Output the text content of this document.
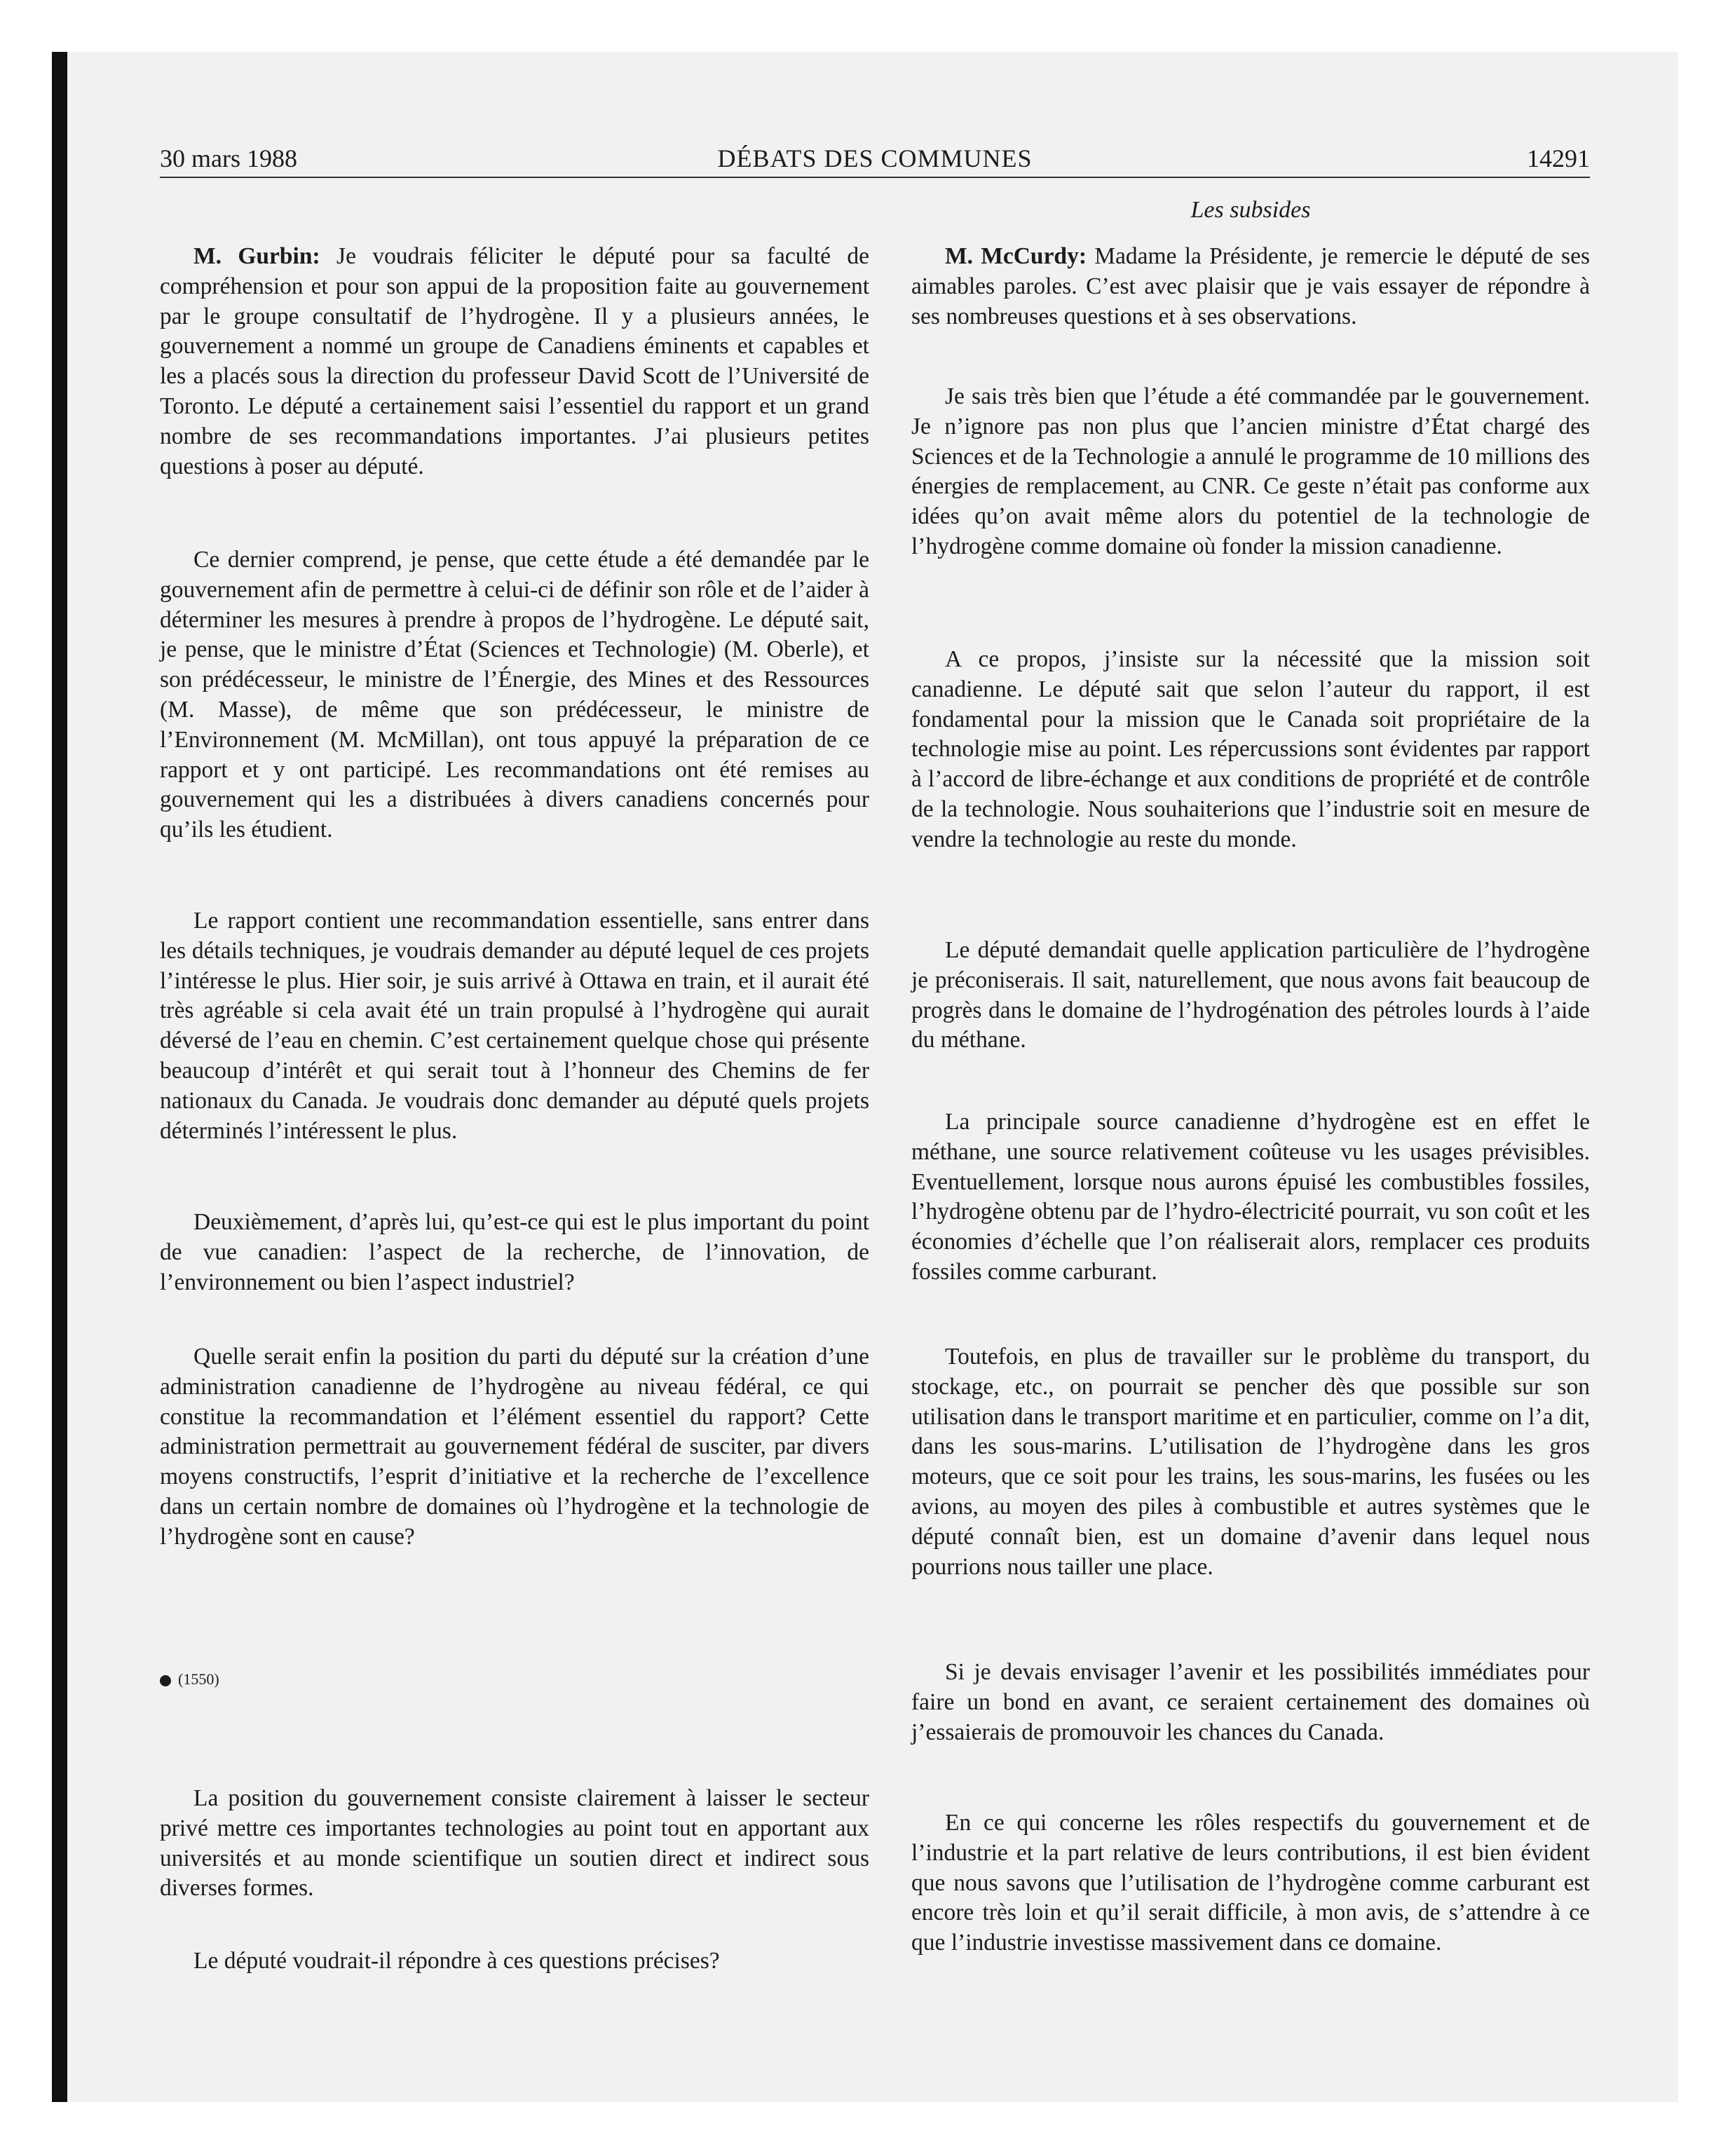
30 mars 1988	DÉBATS DES COMMUNES	14291
Les subsides

M. Gurbin: Je voudrais féliciter le député pour sa faculté de compréhension et pour son appui de la proposition faite au gouvernement par le groupe consultatif de l’hydrogène. Il y a plusieurs années, le gouvernement a nommé un groupe de Canadiens éminents et capables et les a placés sous la direction du professeur David Scott de l’Université de Toronto. Le député a certainement saisi l’essentiel du rapport et un grand nombre de ses recommandations importantes. J’ai plusieurs petites questions à poser au député.

Ce dernier comprend, je pense, que cette étude a été demandée par le gouvernement afin de permettre à celui-ci de définir son rôle et de l’aider à déterminer les mesures à prendre à propos de l’hydrogène. Le député sait, je pense, que le ministre d’État (Sciences et Technologie) (M. Oberle), et son prédécesseur, le ministre de l’Énergie, des Mines et des Ressources (M. Masse), de même que son prédécesseur, le ministre de l’Environnement (M. McMillan), ont tous appuyé la préparation de ce rapport et y ont participé. Les recommandations ont été remises au gouvernement qui les a distribuées à divers canadiens concernés pour qu’ils les étudient.

Le rapport contient une recommandation essentielle, sans entrer dans les détails techniques, je voudrais demander au député lequel de ces projets l’intéresse le plus. Hier soir, je suis arrivé à Ottawa en train, et il aurait été très agréable si cela avait été un train propulsé à l’hydrogène qui aurait déversé de l’eau en chemin. C’est certainement quelque chose qui présente beaucoup d’intérêt et qui serait tout à l’honneur des Chemins de fer nationaux du Canada. Je voudrais donc demander au député quels projets déterminés l’intéressent le plus.

Deuxièmement, d’après lui, qu’est-ce qui est le plus important du point de vue canadien: l’aspect de la recherche, de l’innovation, de l’environnement ou bien l’aspect industriel?

Quelle serait enfin la position du parti du député sur la création d’une administration canadienne de l’hydrogène au niveau fédéral, ce qui constitue la recommandation et l’élément essentiel du rapport? Cette administration permettrait au gouvernement fédéral de susciter, par divers moyens constructifs, l’esprit d’initiative et la recherche de l’excellence dans un certain nombre de domaines où l’hydrogène et la technologie de l’hydrogène sont en cause?

(1550)

La position du gouvernement consiste clairement à laisser le secteur privé mettre ces importantes technologies au point tout en apportant aux universités et au monde scientifique un soutien direct et indirect sous diverses formes.

Le député voudrait-il répondre à ces questions précises?

M. McCurdy: Madame la Présidente, je remercie le député de ses aimables paroles. C’est avec plaisir que je vais essayer de répondre à ses nombreuses questions et à ses observations.

Je sais très bien que l’étude a été commandée par le gouvernement. Je n’ignore pas non plus que l’ancien ministre d’État chargé des Sciences et de la Technologie a annulé le programme de 10 millions des énergies de remplacement, au CNR. Ce geste n’était pas conforme aux idées qu’on avait même alors du potentiel de la technologie de l’hydrogène comme domaine où fonder la mission canadienne.

A ce propos, j’insiste sur la nécessité que la mission soit canadienne. Le député sait que selon l’auteur du rapport, il est fondamental pour la mission que le Canada soit propriétaire de la technologie mise au point. Les répercussions sont évidentes par rapport à l’accord de libre-échange et aux conditions de propriété et de contrôle de la technologie. Nous souhaiterions que l’industrie soit en mesure de vendre la technologie au reste du monde.

Le député demandait quelle application particulière de l’hydrogène je préconiserais. Il sait, naturellement, que nous avons fait beaucoup de progrès dans le domaine de l’hydrogénation des pétroles lourds à l’aide du méthane.

La principale source canadienne d’hydrogène est en effet le méthane, une source relativement coûteuse vu les usages prévisibles. Eventuellement, lorsque nous aurons épuisé les combustibles fossiles, l’hydrogène obtenu par de l’hydro-électricité pourrait, vu son coût et les économies d’échelle que l’on réaliserait alors, remplacer ces produits fossiles comme carburant.

Toutefois, en plus de travailler sur le problème du transport, du stockage, etc., on pourrait se pencher dès que possible sur son utilisation dans le transport maritime et en particulier, comme on l’a dit, dans les sous-marins. L’utilisation de l’hydrogène dans les gros moteurs, que ce soit pour les trains, les sous-marins, les fusées ou les avions, au moyen des piles à combustible et autres systèmes que le député connaît bien, est un domaine d’avenir dans lequel nous pourrions nous tailler une place.

Si je devais envisager l’avenir et les possibilités immédiates pour faire un bond en avant, ce seraient certainement des domaines où j’essaierais de promouvoir les chances du Canada.

En ce qui concerne les rôles respectifs du gouvernement et de l’industrie et la part relative de leurs contributions, il est bien évident que nous savons que l’utilisation de l’hydrogène comme carburant est encore très loin et qu’il serait difficile, à mon avis, de s’attendre à ce que l’industrie investisse massivement dans ce domaine.
